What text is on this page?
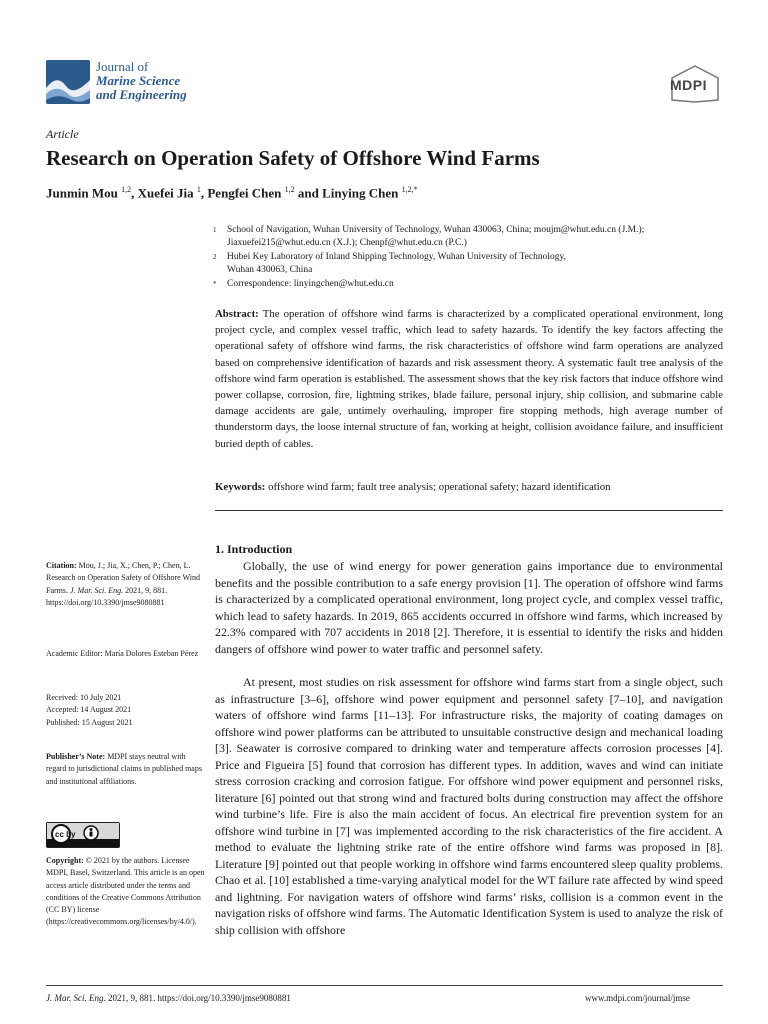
Journal of
Marine Science
and Engineering
MDPI
Article
Research on Operation Safety of Offshore Wind Farms
Junmin Mou $^{1,2}$, Xuefei Jia $^1$, Pengfei Chen $^{1,2}$ and Linying Chen $^{1,2,*}$
1 School of Navigation, Wuhan University of Technology, Wuhan 430063, China; moujm@whut.edu.cn (J.M.);
Jiaxuefei215@whut.edu.cn (X.J.); Chenpf@whut.edu.cn (P.C.)
2 Hubei Key Laboratory of Inland Shipping Technology, Wuhan University of Technology,
Wuhan 430063, China
* Correspondence: linyingchen@whut.edu.cn
Abstract: The operation of offshore wind farms is characterized by a complicated operational environment, long project cycle, and complex vessel traffic, which lead to safety hazards. To identify the key factors affecting the operational safety of offshore wind farms, the risk characteristics of offshore wind farm operations are analyzed based on comprehensive identification of hazards and risk assessment theory. A systematic fault tree analysis of the offshore wind farm operation is established. The assessment shows that the key risk factors that induce offshore wind power collapse, corrosion, fire, lightning strikes, blade failure, personal injury, ship collision, and submarine cable damage accidents are gale, untimely overhauling, improper fire stopping methods, high average number of thunderstorm days, the loose internal structure of fan, working at height, collision avoidance failure, and insufficient buried depth of cables.
Keywords: offshore wind farm; fault tree analysis; operational safety; hazard identification
1. Introduction
Globally, the use of wind energy for power generation gains importance due to environmental benefits and the possible contribution to a safe energy provision [1]. The operation of offshore wind farms is characterized by a complicated operational environment, long project cycle, and complex vessel traffic, which lead to safety hazards. In 2019, 865 accidents occurred in offshore wind farms, which increased by 22.3% compared with 707 accidents in 2018 [2]. Therefore, it is essential to identify the risks and hidden dangers of offshore wind power to water traffic and personnel safety.
At present, most studies on risk assessment for offshore wind farms start from a single object, such as infrastructure [3–6], offshore wind power equipment and personnel safety [7–10], and navigation waters of offshore wind farms [11–13]. For infrastructure risks, the majority of coating damages on offshore wind power platforms can be attributed to unsuitable constructive design and mechanical loading [3]. Seawater is corrosive compared to drinking water and temperature affects corrosion processes [4]. Price and Figueira [5] found that corrosion has different types. In addition, waves and wind can initiate stress corrosion cracking and corrosion fatigue. For offshore wind power equipment and personnel risks, literature [6] pointed out that strong wind and fractured bolts during construction may affect the offshore wind turbine’s life. Fire is also the main accident of focus. An electrical fire prevention system for an offshore wind turbine in [7] was implemented according to the risk characteristics of the fire accident. A method to evaluate the lightning strike rate of the entire offshore wind farms was proposed in [8]. Literature [9] pointed out that people working in offshore wind farms encountered sleep quality problems. Chao et al. [10] established a time-varying analytical model for the WT failure rate affected by wind speed and lightning. For navigation waters of offshore wind farms’ risks, collision is a common event in the navigation risks of offshore wind farms. The Automatic Identification System is used to analyze the risk of ship collision with offshore
Citation: Mou, J.; Jia, X.; Chen, P.; Chen, L. Research on Operation Safety of Offshore Wind Farms. J. Mar. Sci. Eng. 2021, 9, 881. https://doi.org/10.3390/jmse9080881
Academic Editor: María Dolores Esteban Pérez
Received: 10 July 2021
Accepted: 14 August 2021
Published: 15 August 2021
Publisher’s Note: MDPI stays neutral with regard to jurisdictional claims in published maps and institutional affiliations.
cc by
Copyright: © 2021 by the authors. Licensee MDPI, Basel, Switzerland. This article is an open access article distributed under the terms and conditions of the Creative Commons Attribution (CC BY) license (https://creativecommons.org/licenses/by/4.0/).
J. Mar. Sci. Eng. 2021, 9, 881. https://doi.org/10.3390/jmse9080881	www.mdpi.com/journal/jmse
